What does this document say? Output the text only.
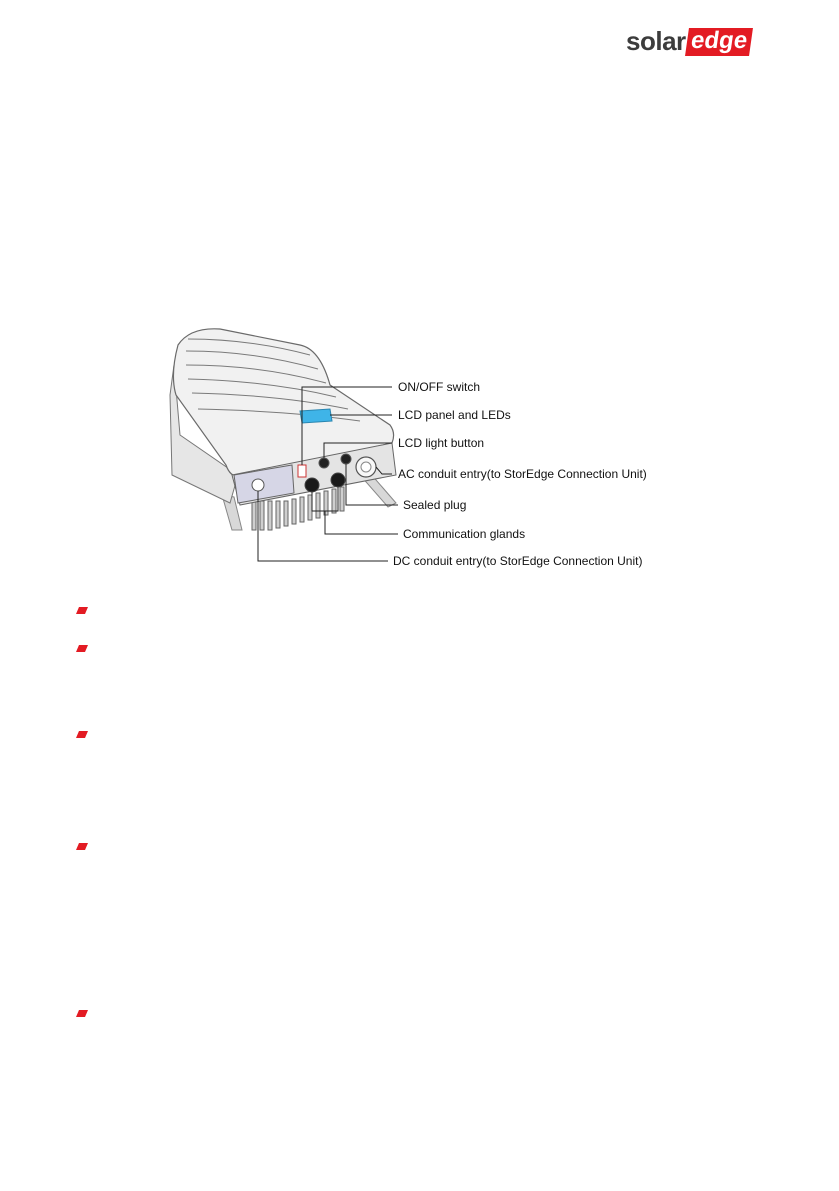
solar edge
ON/OFF switch
LCD panel and LEDs
LCD light button
AC conduit entry(to StorEdge Connection Unit)
Sealed plug
Communication glands
DC conduit entry(to StorEdge Connection Unit)
